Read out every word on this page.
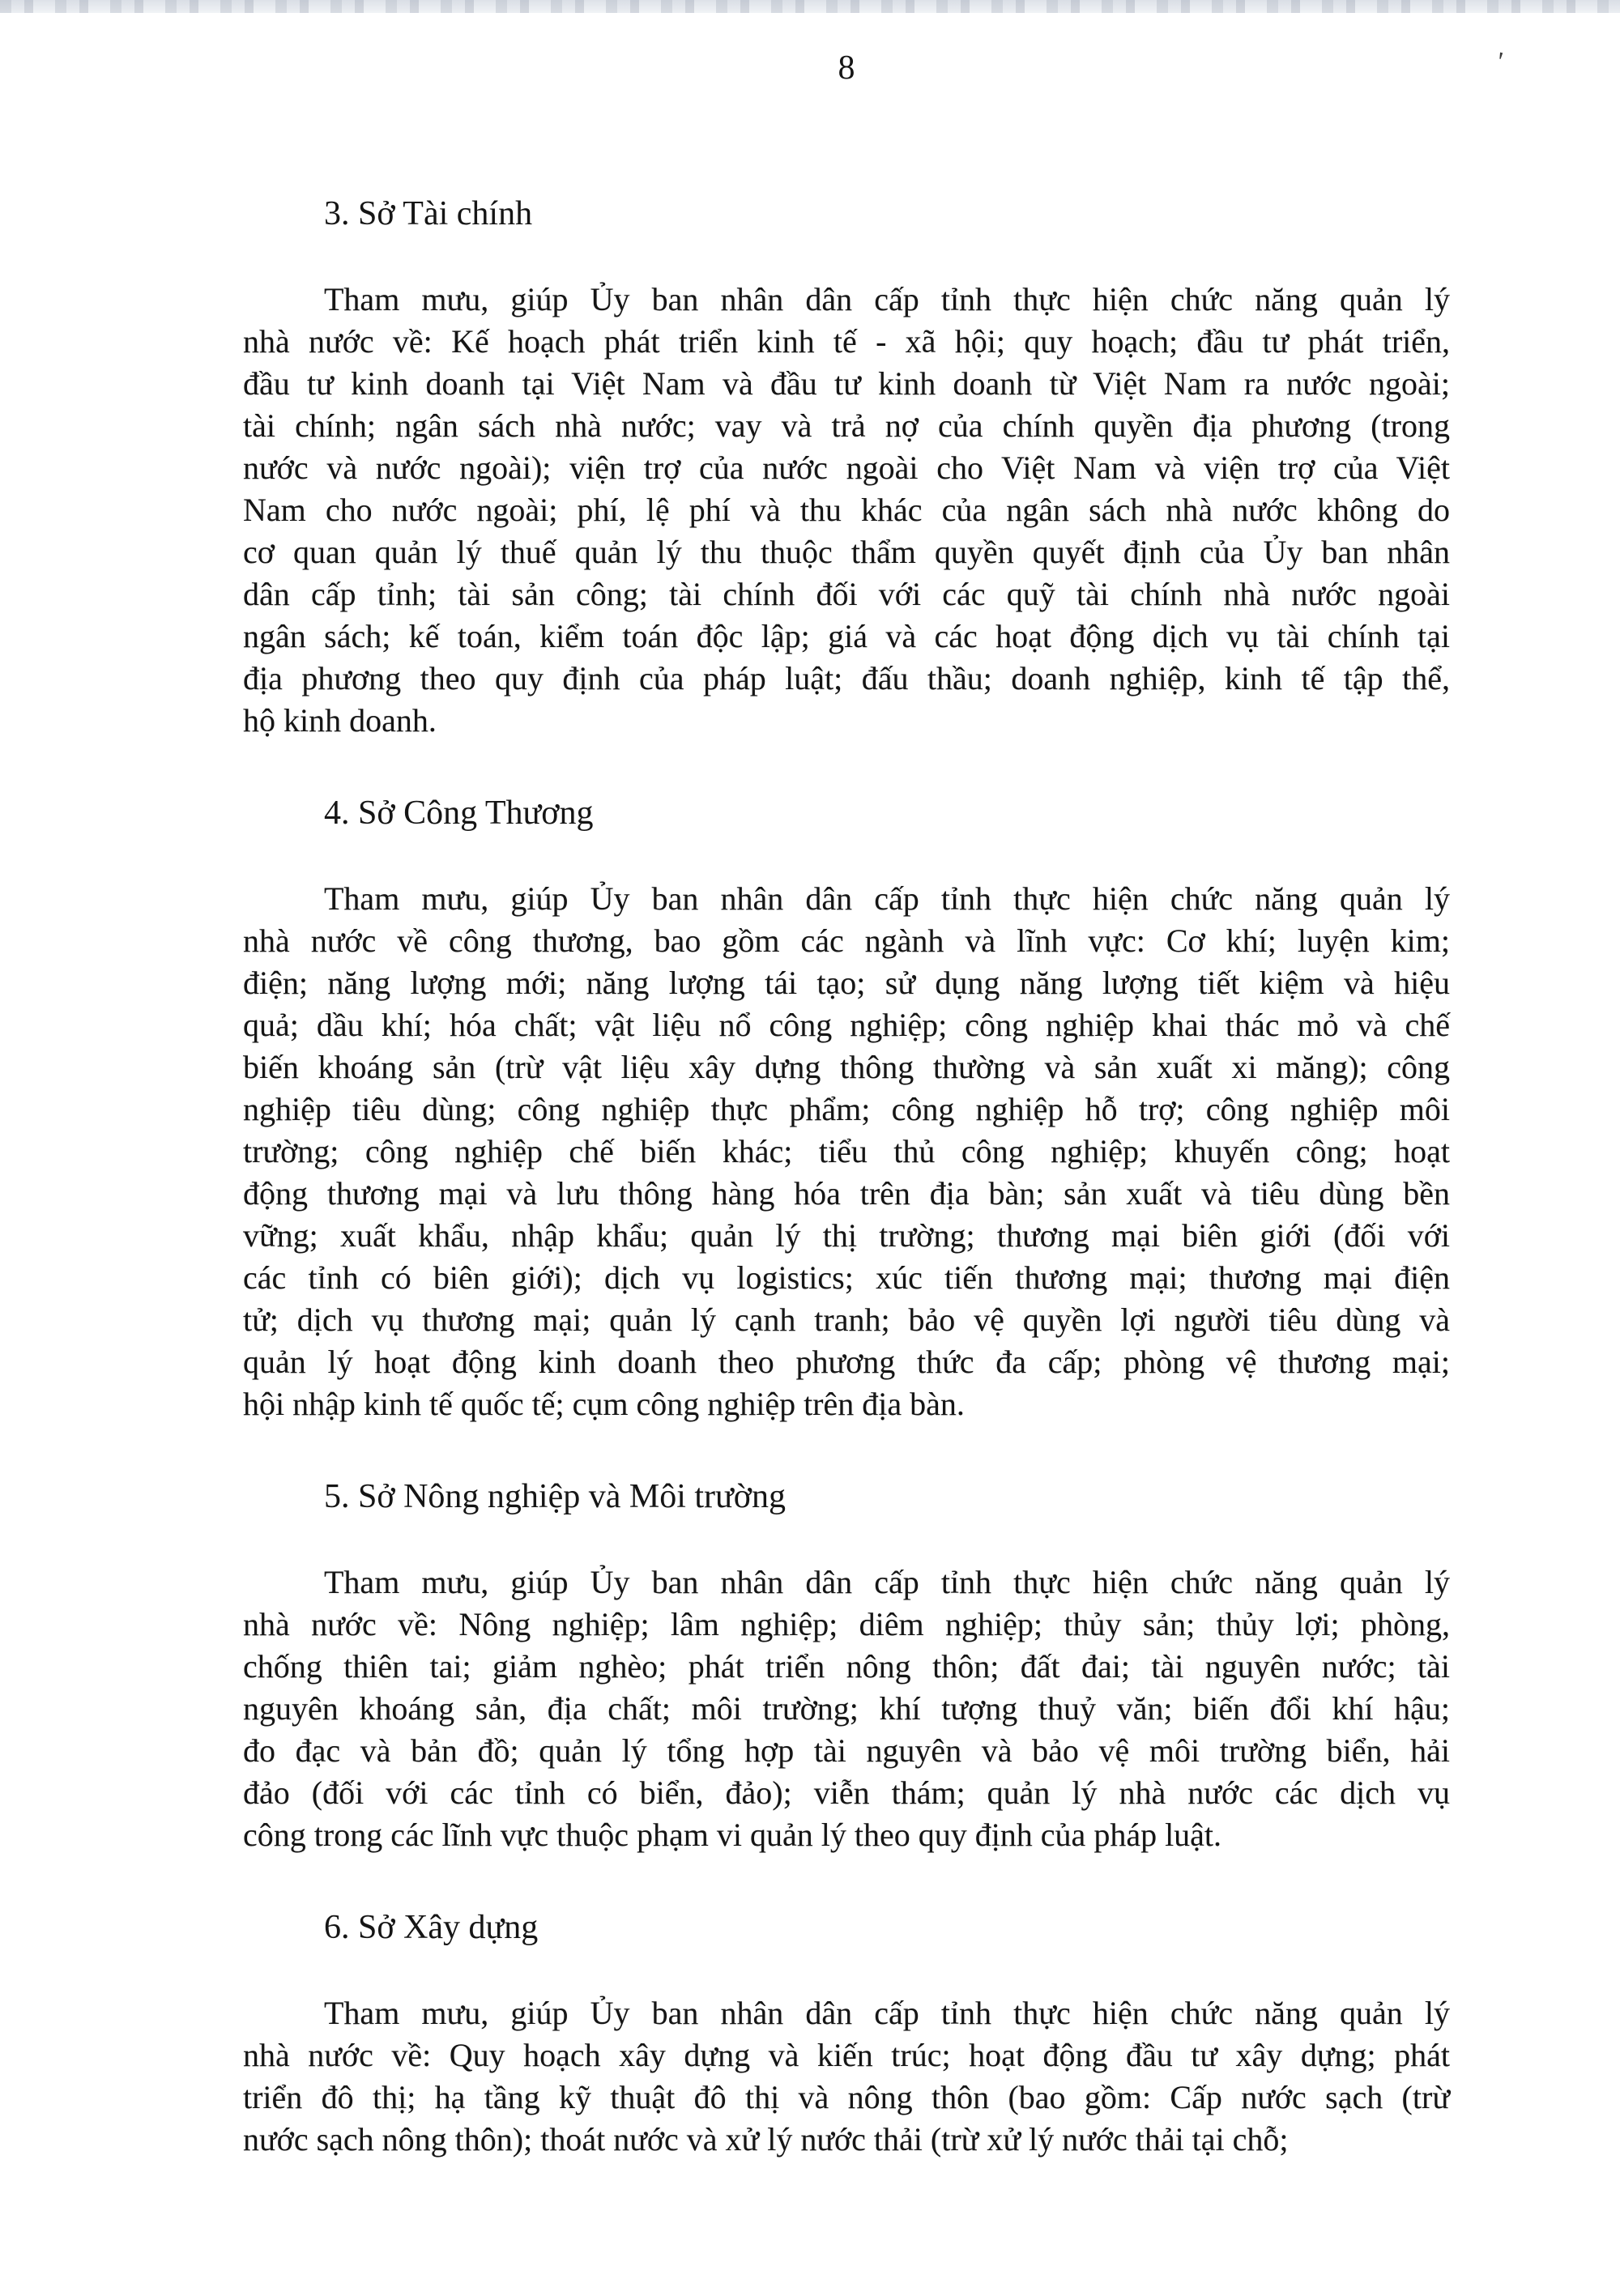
'
8
3. Sở Tài chính
Tham mưu, giúp Ủy ban nhân dân cấp tỉnh thực hiện chức năng quản lý
nhà nước về: Kế hoạch phát triển kinh tế - xã hội; quy hoạch; đầu tư phát triển,
đầu tư kinh doanh tại Việt Nam và đầu tư kinh doanh từ Việt Nam ra nước ngoài;
tài chính; ngân sách nhà nước; vay và trả nợ của chính quyền địa phương (trong
nước và nước ngoài); viện trợ của nước ngoài cho Việt Nam và viện trợ của Việt
Nam cho nước ngoài; phí, lệ phí và thu khác của ngân sách nhà nước không do
cơ quan quản lý thuế quản lý thu thuộc thẩm quyền quyết định của Ủy ban nhân
dân cấp tỉnh; tài sản công; tài chính đối với các quỹ tài chính nhà nước ngoài
ngân sách; kế toán, kiểm toán độc lập; giá và các hoạt động dịch vụ tài chính tại
địa phương theo quy định của pháp luật; đấu thầu; doanh nghiệp, kinh tế tập thể,
hộ kinh doanh.
4. Sở Công Thương
Tham mưu, giúp Ủy ban nhân dân cấp tỉnh thực hiện chức năng quản lý
nhà nước về công thương, bao gồm các ngành và lĩnh vực: Cơ khí; luyện kim;
điện; năng lượng mới; năng lượng tái tạo; sử dụng năng lượng tiết kiệm và hiệu
quả; dầu khí; hóa chất; vật liệu nổ công nghiệp; công nghiệp khai thác mỏ và chế
biến khoáng sản (trừ vật liệu xây dựng thông thường và sản xuất xi măng); công
nghiệp tiêu dùng; công nghiệp thực phẩm; công nghiệp hỗ trợ; công nghiệp môi
trường; công nghiệp chế biến khác; tiểu thủ công nghiệp; khuyến công; hoạt
động thương mại và lưu thông hàng hóa trên địa bàn; sản xuất và tiêu dùng bền
vững; xuất khẩu, nhập khẩu; quản lý thị trường; thương mại biên giới (đối với
các tỉnh có biên giới); dịch vụ logistics; xúc tiến thương mại; thương mại điện
tử; dịch vụ thương mại; quản lý cạnh tranh; bảo vệ quyền lợi người tiêu dùng và
quản lý hoạt động kinh doanh theo phương thức đa cấp; phòng vệ thương mại;
hội nhập kinh tế quốc tế; cụm công nghiệp trên địa bàn.
5. Sở Nông nghiệp và Môi trường
Tham mưu, giúp Ủy ban nhân dân cấp tỉnh thực hiện chức năng quản lý
nhà nước về: Nông nghiệp; lâm nghiệp; diêm nghiệp; thủy sản; thủy lợi; phòng,
chống thiên tai; giảm nghèo; phát triển nông thôn; đất đai; tài nguyên nước; tài
nguyên khoáng sản, địa chất; môi trường; khí tượng thuỷ văn; biến đổi khí hậu;
đo đạc và bản đồ; quản lý tổng hợp tài nguyên và bảo vệ môi trường biển, hải
đảo (đối với các tỉnh có biển, đảo); viễn thám; quản lý nhà nước các dịch vụ
công trong các lĩnh vực thuộc phạm vi quản lý theo quy định của pháp luật.
6. Sở Xây dựng
Tham mưu, giúp Ủy ban nhân dân cấp tỉnh thực hiện chức năng quản lý
nhà nước về: Quy hoạch xây dựng và kiến trúc; hoạt động đầu tư xây dựng; phát
triển đô thị; hạ tầng kỹ thuật đô thị và nông thôn (bao gồm: Cấp nước sạch (trừ
nước sạch nông thôn); thoát nước và xử lý nước thải (trừ xử lý nước thải tại chỗ;
